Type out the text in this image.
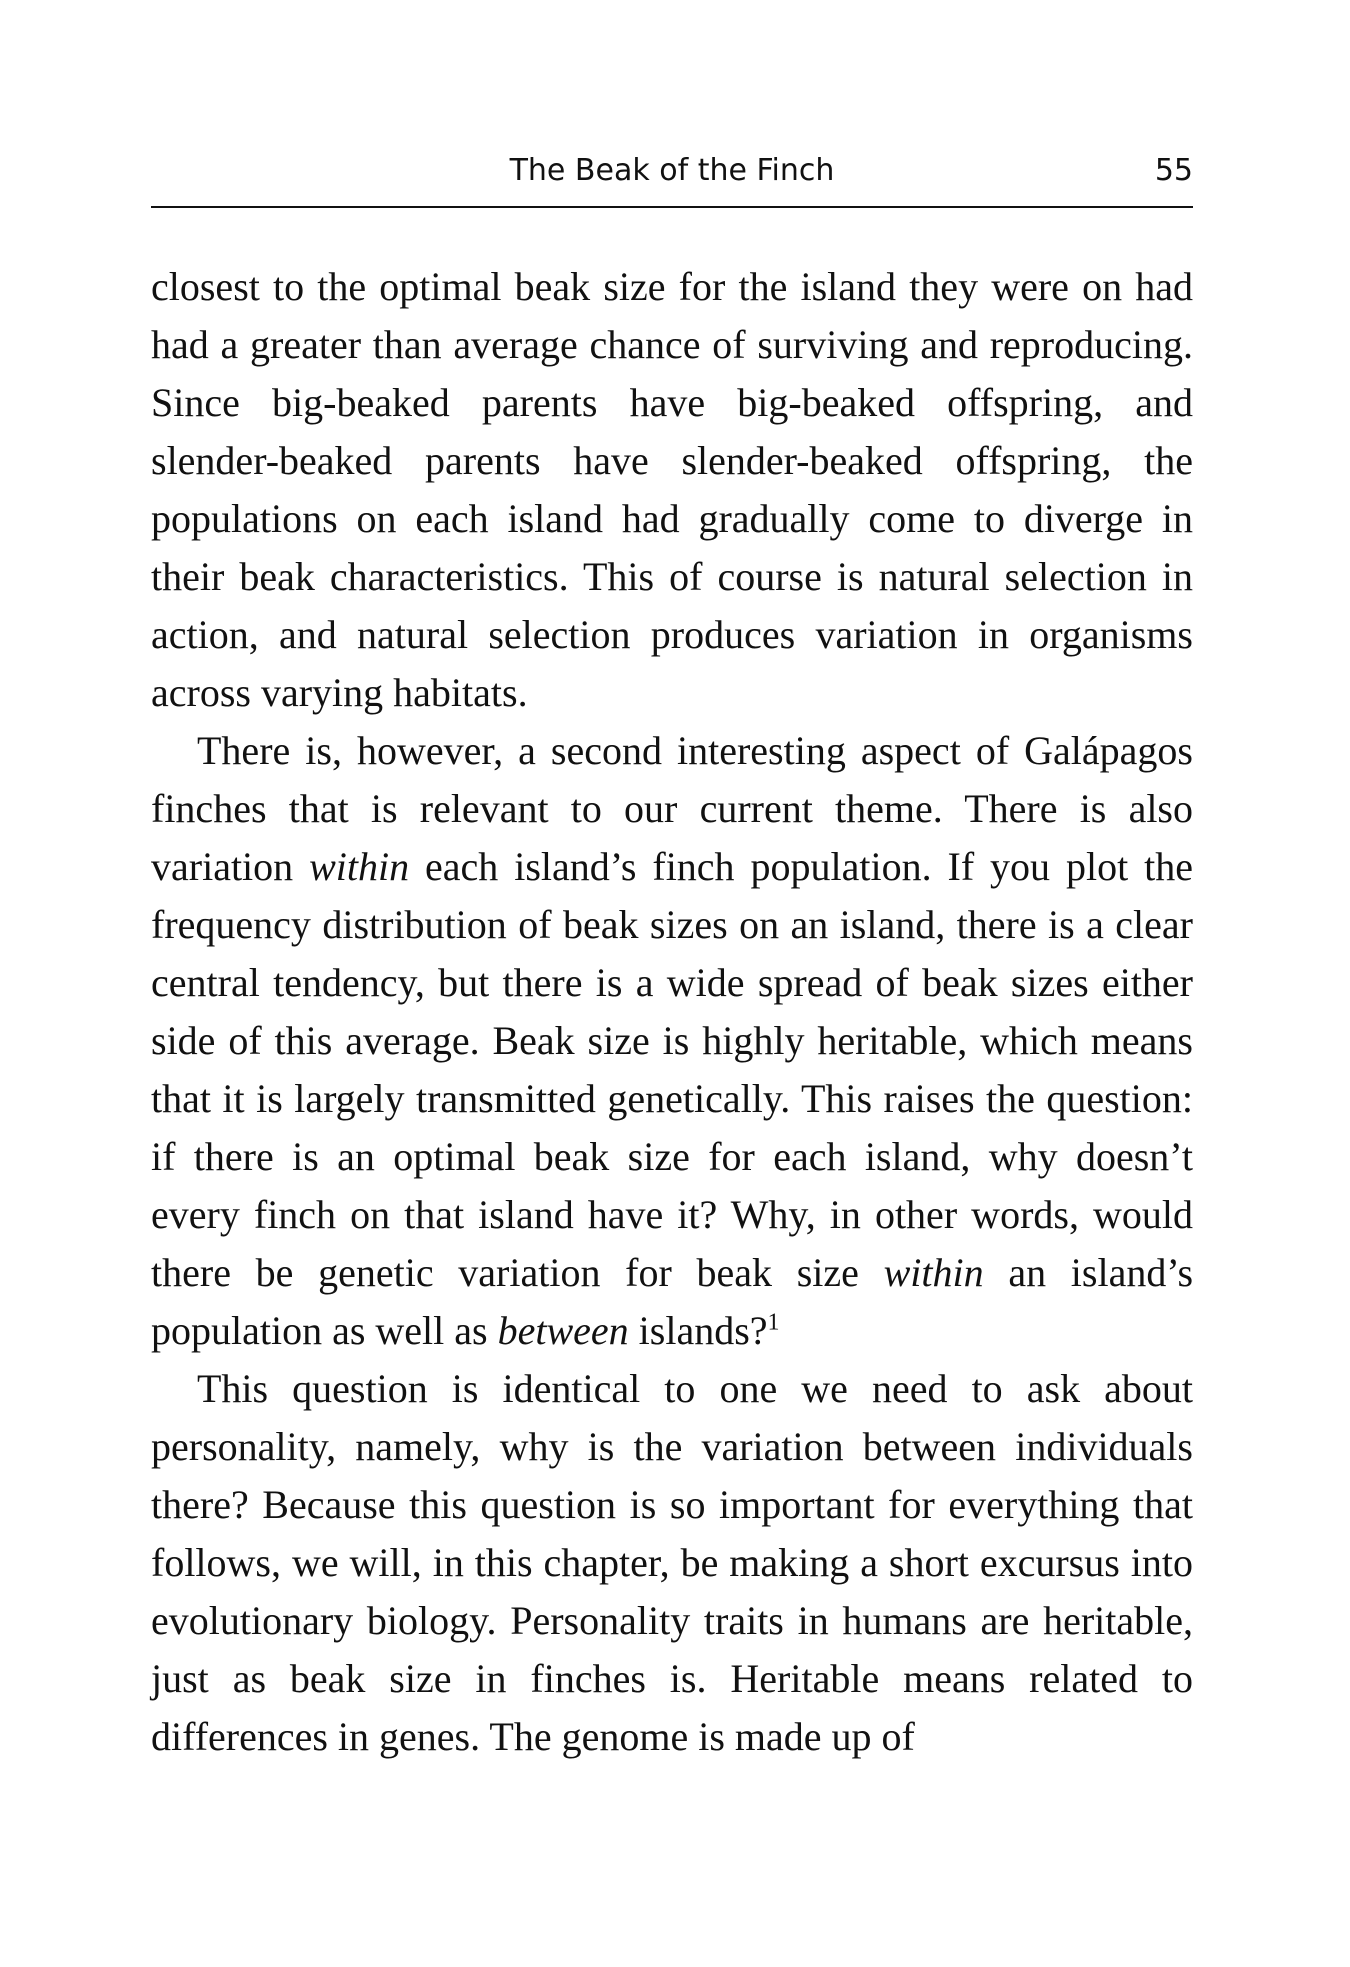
The Beak of the Finch	55

closest to the optimal beak size for the island they were on had had a greater than average chance of surviving and reproducing. Since big-beaked parents have big-beaked offspring, and slender-beaked parents have slender-beaked offspring, the populations on each island had gradually come to diverge in their beak characteristics. This of course is natural selection in action, and natural selection produces variation in organisms across varying habitats.

There is, however, a second interesting aspect of Galápagos finches that is relevant to our current theme. There is also variation within each island’s finch population. If you plot the frequency distribution of beak sizes on an island, there is a clear central tendency, but there is a wide spread of beak sizes either side of this average. Beak size is highly heritable, which means that it is largely transmitted genetically. This raises the question: if there is an optimal beak size for each island, why doesn’t every finch on that island have it? Why, in other words, would there be genetic variation for beak size within an island’s population as well as between islands?$^1$

This question is identical to one we need to ask about personality, namely, why is the variation between individuals there? Because this question is so important for everything that follows, we will, in this chapter, be making a short excursus into evolutionary biology. Personality traits in humans are heritable, just as beak size in finches is. Heritable means related to differences in genes. The genome is made up of
